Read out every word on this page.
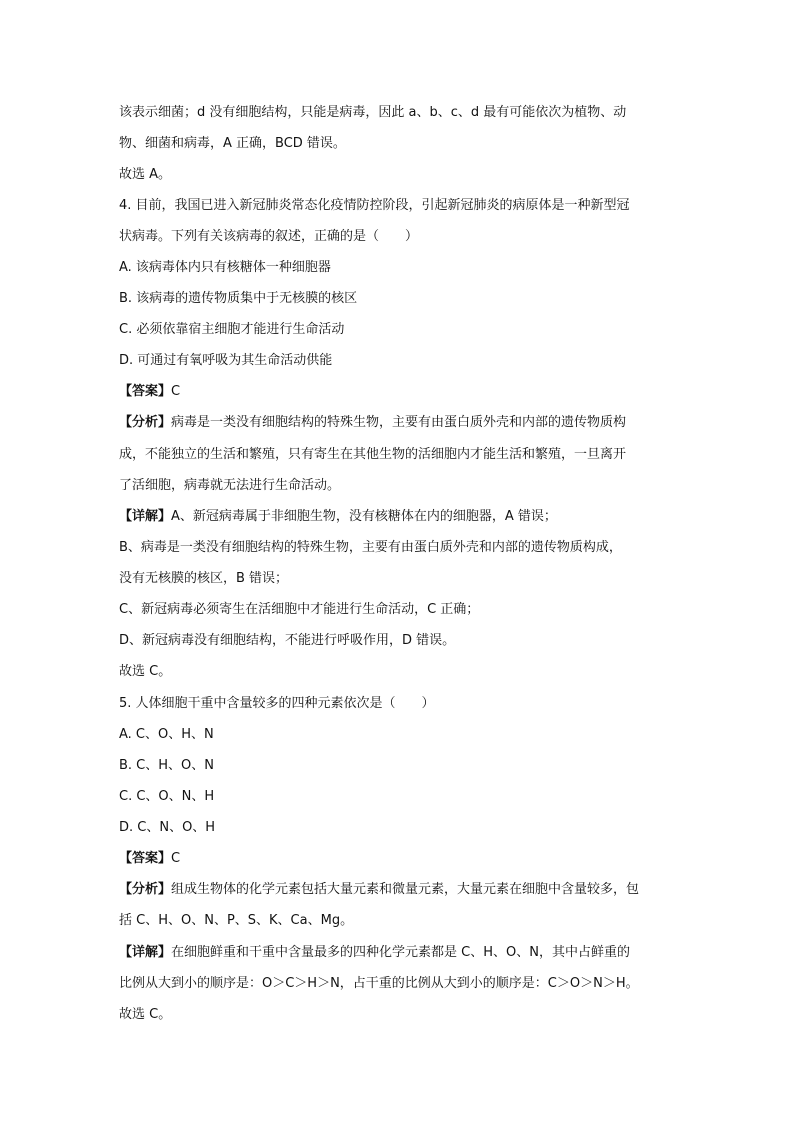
该表示细菌；d 没有细胞结构，只能是病毒，因此 a、b、c、d 最有可能依次为植物、动
物、细菌和病毒，A 正确，BCD 错误。
故选 A。
4. 目前，我国已进入新冠肺炎常态化疫情防控阶段，引起新冠肺炎的病原体是一种新型冠
状病毒。下列有关该病毒的叙述，正确的是（　　）
A. 该病毒体内只有核糖体一种细胞器
B. 该病毒的遗传物质集中于无核膜的核区
C. 必须依靠宿主细胞才能进行生命活动
D. 可通过有氧呼吸为其生命活动供能
【答案】C
【分析】病毒是一类没有细胞结构的特殊生物，主要有由蛋白质外壳和内部的遗传物质构
成，不能独立的生活和繁殖，只有寄生在其他生物的活细胞内才能生活和繁殖，一旦离开
了活细胞，病毒就无法进行生命活动。
【详解】A、新冠病毒属于非细胞生物，没有核糖体在内的细胞器，A 错误；
B、病毒是一类没有细胞结构的特殊生物，主要有由蛋白质外壳和内部的遗传物质构成，
没有无核膜的核区，B 错误；
C、新冠病毒必须寄生在活细胞中才能进行生命活动，C 正确；
D、新冠病毒没有细胞结构，不能进行呼吸作用，D 错误。
故选 C。
5. 人体细胞干重中含量较多的四种元素依次是（　　）
A. C、O、H、N
B. C、H、O、N
C. C、O、N、H
D. C、N、O、H
【答案】C
【分析】组成生物体的化学元素包括大量元素和微量元素，大量元素在细胞中含量较多，包
括 C、H、O、N、P、S、K、Ca、Mg。
【详解】在细胞鲜重和干重中含量最多的四种化学元素都是 C、H、O、N，其中占鲜重的
比例从大到小的顺序是：O＞C＞H＞N，占干重的比例从大到小的顺序是：C＞O＞N＞H。
故选 C。
